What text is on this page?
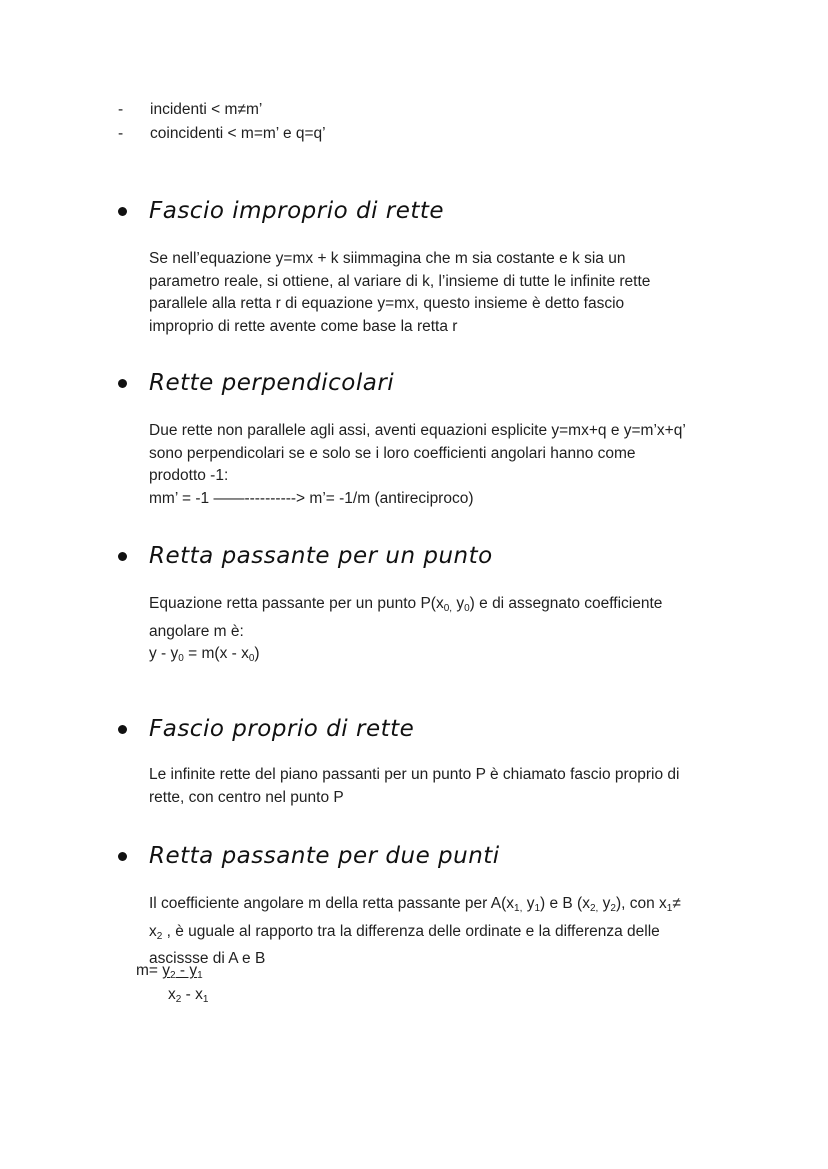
-	incidenti < m≠m’
-	coincidenti < m=m’ e q=q’
Fascio improprio di rette
Se nell’equazione y=mx + k siimmagina che m sia costante e k sia un
parametro reale, si ottiene, al variare di k, l’insieme di tutte le infinite rette
parallele alla retta r di equazione y=mx, questo insieme è detto fascio
improprio di rette avente come base la retta r
Rette perpendicolari
Due rette non parallele agli assi, aventi equazioni esplicite y=mx+q e y=m’x+q’
sono perpendicolari se e solo se i loro coefficienti angolari hanno come
prodotto -1:
mm’ = -1 ——----------> m’= -1/m (antireciproco)
Retta passante per un punto
Equazione retta passante per un punto $P(x_{0,}$ $y_0$) e di assegnato coefficiente
angolare m è:
$y - y_0 = m(x - x_0)$
Fascio proprio di rette
Le infinite rette del piano passanti per un punto P è chiamato fascio proprio di
rette, con centro nel punto P
Retta passante per due punti
Il coefficiente angolare m della retta passante per $A(x_{1,}$ $y_1$) e B ($x_{2,}$ $y_2$), con $x_1\ne$
$x_2$ , è uguale al rapporto tra la differenza delle ordinate e la differenza delle
ascissse di A e B
$m= y_2 - y_1$
$x_2 - x_1$
